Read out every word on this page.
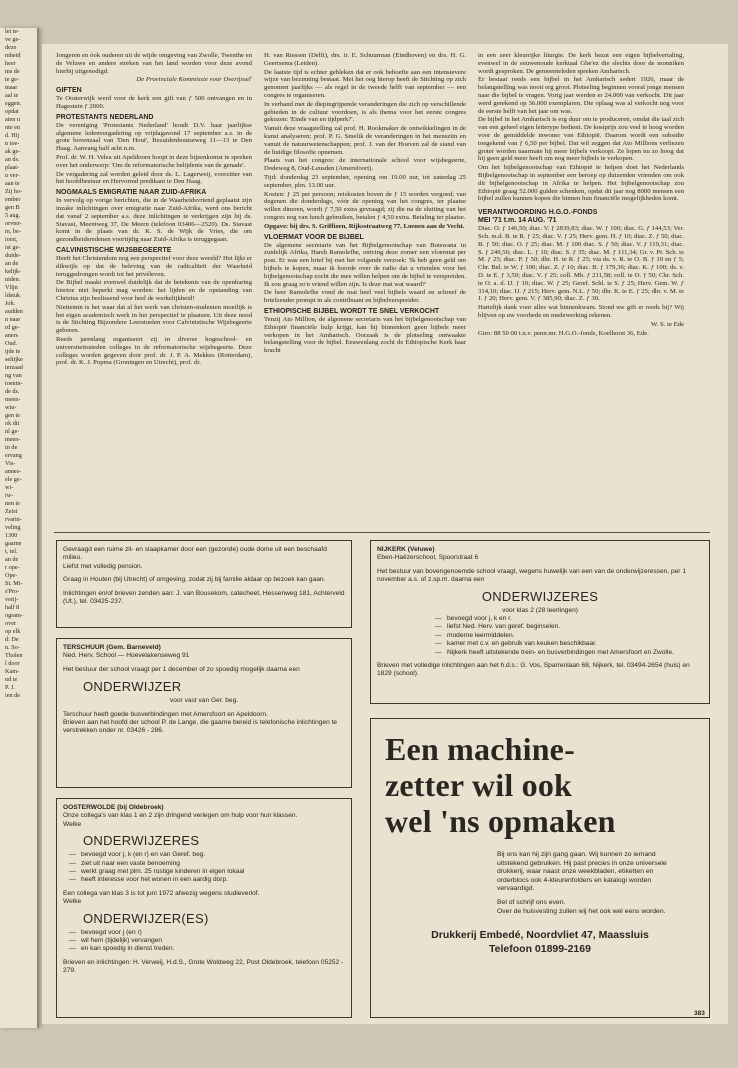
let te-

ve ge-

deze

mheid

heer

ms de

te ge-

maar

aal te

eggen.

opdat

aten u

nte en

d. Hij

n toe-

ak ge-

an ds.

plaat-

n ver-

aan te

Zij ho-

ember

gen B

5 aug.

orvter-

m, be-

iorst,

ist ge-

duide-

an de

kelijk-

niden.

Vlijn

ldstuk

Joh.

audden

n naar

rd ge-

aners

Oud.

ijde te

seltijke

terzaad

ng van

toenin-

de ds.

meen-

wiu-

gen te

ok dit

nl ge-

meen-

in de

ervang

Vis-

annes-

ele ge-

wi-

iw-

nen te

Zeist

rvarin-

veling

1300

gaarne

t, tel.

an de

r ope-

Ope-

St. Mi-

s'Pro-

verij-

half 8

ogram-

over

op elk

d: De

n. So-

Tholen

l door

Kam-

nd te

P. J.

ien de

Jongeren en óok ouderen uit de wijde omgeving van Zwolle, Twenthe en de Veluwe en andere streken van het land worden voor deze avond hierbij uitgenodigd.

De Provinciale Kommissie voor Overijssel'

GIFTEN

Te Oosterwijk werd voor de kerk een gift van ƒ 500 ontvangen en in Hagestein ƒ 2000.

PROTESTANTS NEDERLAND

De vereniging 'Protestants Nederland' houdt D.V. haar jaarlijkse algemene ledenvergadering op vrijdagavond 17 september a.s. in de grote bovenzaal van 'Den Hout', Bezuidenhoutseweg 11—13 te Den Haag. Aanvang half acht n.m.

Prof. dr. W. H. Velea uit Apeldoorn hoopt in deze bijeenkomst te spreken over het onderwerp: 'Om de reformatorische belijdenis van de genade'.

De vergadering zal worden geleid door ds. L. Lagerweij, voorzitter van het hoofdbestuur en Hervormd predikant te Den Haag.

NOGMAALS EMIGRATIE NAAR ZUID-AFRIKA

In vervolg op vorige berichten, die in de Waarheidsvriend geplaatst zijn inzake inlichtingen over emigratie naar Zuid-Afrika, werd ons bericht dat vanaf 2 september a.s. deze inlichtingen te verkrijgen zijn bij ds. Stavast, Meentweg 37, De Meern (telefoon 03406—2520). Ds. Stavast komt in de plaats van dr. K. S. de Wijk de Vries, die om gezondheidsredenen voortijdig naar Zuid-Afrika is teruggegaan.

CALVINISTISCHE WIJSBEGEERTE

Heeft het Christendom nog een perspectief voor deze wereld? Het lijkt er dikwijls op dat de beleving van de radicaliteit der Waarheid teruggedrongen wordt tot het privéleven.

De Bijbel maakt evenwel duidelijk dat de betekenis van de openbaring hiertoe niet beperkt mag worden: het lijden en de opstanding van Christus zijn beslissend voor heel de werkelijkheid!

Niettemin is het waar dat al het werk van christen-studenten moeilijk is het eigen academisch werk in het perspectief te plaatsen. Uit deze nood is de Stichting Bijzondere Leerstoelen voor Calvinistische Wijsbegeerte geboren.

Reeds jarenlang organiseert zij in diverse hogeschool- en universiteitssteden colleges in de reformatorische wijsbegeerte. Deze colleges worden gegeven door prof. dr. J. P. A. Mekkes (Rotterdam), prof. dr. K. J. Popma (Groningen en Utrecht), prof. dr.

H. van Riessen (Delft), drs. ir. E. Schuurman (Eindhoven) en drs. H. G. Geertsema (Leiden).

De laatste tijd is echter gebleken dat er ook behoefte aan een intensievere wijze van bezinning bestaat. Met het oog hierop heeft de Stichting op zich genomen jaarlijks — als regel in de tweede helft van september — een congres te organiseren.

In verband met de diepingrijpende veranderingen die zich op verschillende gebieden in de cultuur voordoen, is als thema voor het eerste congres gekozen: 'Einde van en tijdperk?'.

Vanuit deze vraagstelling zal prof. H. Rookmaker de ontwikkelingen in de kunst analyseren; prof. P. G. Smelik de veranderingen in het mensziin en vanuit de natuurwetenschappen; prof. J. van der Hoeven zal de stand van de huidige filosofie opnemen.

Plaats van het congres: de internationale school voor wijsbegeerte, Dodeweg 8, Oud-Leusden (Amersfoort).

Tijd: donderdag 23 september, opening om 19.00 uur, tot zaterdag 25 september, plm. 13.00 uur.

Kosten: ƒ 25 per persoon; reiskosten boven de ƒ 15 worden vergoed; van degenen die donderdags, vóór de opening van het congres, ter plaatse willen dineren, wordt ƒ 7,50 extra gevraagd; zij die na de sluiting van het congres nog van lunch gebruiken, betalen ƒ 4,50 extra. Betaling ter plaatse.

Opgave: bij drs. S. Griffioen, Rijksstraatweg 77, Loenen aan de Vecht.

VLOERMAT VOOR DE BIJBEL

De algemene secretaris van het Bijbelgenootschap van Botswana in zuidelijk Afrika, Harsh Ramolefhe, ontving deze zomer een vloermat per post. Er was een brief bij met het volgende verzoek: 'Ik heb geen geld om bijbels te kopen, maar ik hoorde over de radio dat u vrienden voor het bijbelgenootschap zocht die mee willen helpen om de bijbel te verspreiden. Ik zou graag zo'n vriend willen zijn. Is deze mat wat waard?'

De heer Ramolefhe vond de mat heel veel bijbels waard en schreef de briefzender prompt in als contribuant en bijbelverspreider.

ETHIOPISCHE BIJBEL WORDT TE SNEL VERKOCHT

Tenzij Ato Million, de algemene secretaris van het bijbelgenootschap van Ethiopië financiële hulp krijgt, kan hij binnenkort geen bijbels meer verkopen in het Amharisch. Oorzaak is de plotseling ontwaakte belangstelling voor de bijbel. Eeuwenlang zocht de Ethiopische Kerk haar kracht

in een zeer kleurrijke liturgie. De kerk bezat een eigen bijbelvertaling, evenwel in de eeuwenoude kerktaal Gbe'ez die slechts door de monniken wordt gesproken. De gemeenteleden spreken Amharisch.

Er bestaat reeds een bijbel in het Amharisch sedert 1926, maar de belangstelling was nooit erg groot. Plotseling beginnen vooral jonge mensen naar die bijbel te vragen. Vorig jaar werden er 24.000 van verkocht. Dit jaar werd gerekend op 36.000 exemplaren. Die oplaag was al verkocht nog voor de eerste helft van het jaar om was.

De bijbel in het Amharisch is erg duur om te produceren, omdat die taal zich van een geheel eigen letterype bedient. De kostprijs zou veel te hoog worden voor de gemiddelde inwoner van Ethiopië. Daarom wordt een subsidie toegekend van ƒ 6,50 per bijbel. Dat wil zeggen dat Ato Millions verliezen groter worden naarmate hij meer bijbels verkoopt. Ze lopen nu zo hoog dat hij geen geld meer heeft om nog meer bijbels te verkopen.

Om het bijbelgenootschap van Ethiopië te helpen doet het Nederlands Bijbelgenootschap in september een beroep op duizenden vrienden om ook dit bijbelgenootschap in Afrika te helpen. Het bijbelgenootschap zou Ethiopië graag 52.000 gulden schenken, opdat dit jaar nog 8000 mensen een bijbel zullen kunnen kopen die binnen hun financiële mogelijkheden komt.

VERANTWOORDING H.G.O.-FONDS
MEI '71 t.m. 14 AUG. '71

Diac. O. ƒ 146,50; diac. V. ƒ 2839,83; diac. W. ƒ 100; diac. G. ƒ 144,53; Ver. Sch. m.d. B. te R. ƒ 25; diac. V. ƒ 25; Herv. gem. H. ƒ 10; diac. Z. ƒ 50; diac. B. ƒ 50; diac. O. ƒ 25; diac. M. ƒ 100 diac. S. ƒ 50; diac. V. ƒ 119,31; diac. S. ƒ 249,56; diac. L. ƒ 10; diac. S. ƒ 35; diac. M. ƒ 111,34; Gr. v. Pr. Sch. te M. ƒ 25; diac. P. ƒ 50; dhr. H. te R. ƒ 25; via ds. v. R. te O. B. ƒ 10 en ƒ 5; Chr. Bel. te W. ƒ 100; diac. Z. ƒ 10; diac. B. ƒ 179,36; diac. K. ƒ 100; ds. v. D. te E. ƒ 3,50; diac. V. ƒ 25; coll. Mh. ƒ 211,58; coll. te O. ƒ 50; Chr. Sch. te O. a. d. IJ. ƒ 10; diac. W. ƒ 25; Geref. Schl. te S. ƒ 25; Herv. Gem. W. ƒ 314,10; diac. IJ. ƒ 215; Herv. gem. N.L. ƒ 50; dhr. K. te E. ƒ 25; dhr. v. M. te J. ƒ 20; Herv. gem. V. ƒ 385,90; diac. Z. ƒ 30.

Hartelijk dank voor alles wat binnenkwam. Stond uw gift er reeds bij? Wij blijven op uw voorbede en medewerking rekenen.

W. S. te Ede

Giro: 88 50 00 t.n.v. penn.mr. H.G.O.-fonds, Koelhorst 36, Ede.

Gevraagd een ruime zit- en slaapkamer door een (gezonde) oude dome uit een beschaafd milieu.

Liefst met volledig pension.

Graag in Houten (bij Utrecht) of omgeving, zodat zij bij familie aldaar op bezoek kan gaan.

Inlichtingen en/of brieven zenden aan: J. van Bousekom, catecheet, Hessenweg 181, Achterveld (Ut.), tel. 03425-237.

TERSCHUUR (Gem. Barneveld)

Ned. Herv. School — Hoevelakenseweg 91

Het bestuur der school vraagt per 1 december of zo spoedig mogelijk daarna een

ONDERWIJZER

voor vast van Ger. beg.

Terschuur heeft goede busverbindingen met Amersfoort en Apeldoorn.

Brieven aan het hoofd der school P. de Lange, die gaarne bereid is telefonische inlichtingen te verstrekken onder nr. 03426 - 286.

OOSTERWOLDE (bij Oldebroek)

Onze collega's van klas 1 en 2 zijn dringend verlegen om hulp voor hun klassen.

Welke

ONDERWIJZERES

— bevoegd voor j, k (en r) en van Geref. beg.
— ziet uit naar een vaste benoeming
— werkt graag met plm. 25 rustige kinderen in eigen lokaal
— heeft interesse voor het wonen in een aardig dorp.

Een collega van klas 3 is tot juni 1972 afwezig wegens studieverlof.

Welke

ONDERWIJZER(ES)

— bevoegd voor j (en r)
— wil hem (tijdelijk) vervangen
— en kan spoedig in dienst treden.

Brieven en inlichtingen: H. Verweij, H.d.S., Grote Woldweg 22, Post Oldebroek, telefoon 05252 - 279.

NIJKERK (Veluwe)

Eben-Haëzerschool, Spoorstraat 6

Het bestuur van bovengenoemde school vraagt, wegens huwelijk van een van de onderwijzeressen, per 1 november a.s. of z.sp.m. daarna een

ONDERWIJZERES

voor klas 2 (28 leerlingen)

— bevoegd voor j, k en r.
— liefst Ned. Herv. van geref. beginselen.
— moderne leermiddelen.
— kamer met c.v. en gebruik van keuken beschikbaar.
— Nijkerk heeft uitstekende trein- en busverbindingen met Amersfoort en Zwolle.

Brieven met volledige inlichtingen aan het h.d.s.: G. Vos, Sparrenlaan 68, Nijkerk, tel. 03494-2654 (huis) en 1829 (school).

Een machine-
zetter wil ook
wel 'ns opmaken

Bij ons kan hij zijn gang gaan. Wij kunnen zo iemand uitstekend gebruiken. Hij past precies in onze universele drukkerij, waar naast onze weekbladen, etiketten en orderblocs ook 4-kleurenfolders en katalogi worden vervaardigd.

Bel of schrijf ons even.

Over de huisvesting zullen wij het ook wel eens worden.

Drukkerij Embedé, Noordvliet 47, Maassluis

Telefoon 01899-2169

383
